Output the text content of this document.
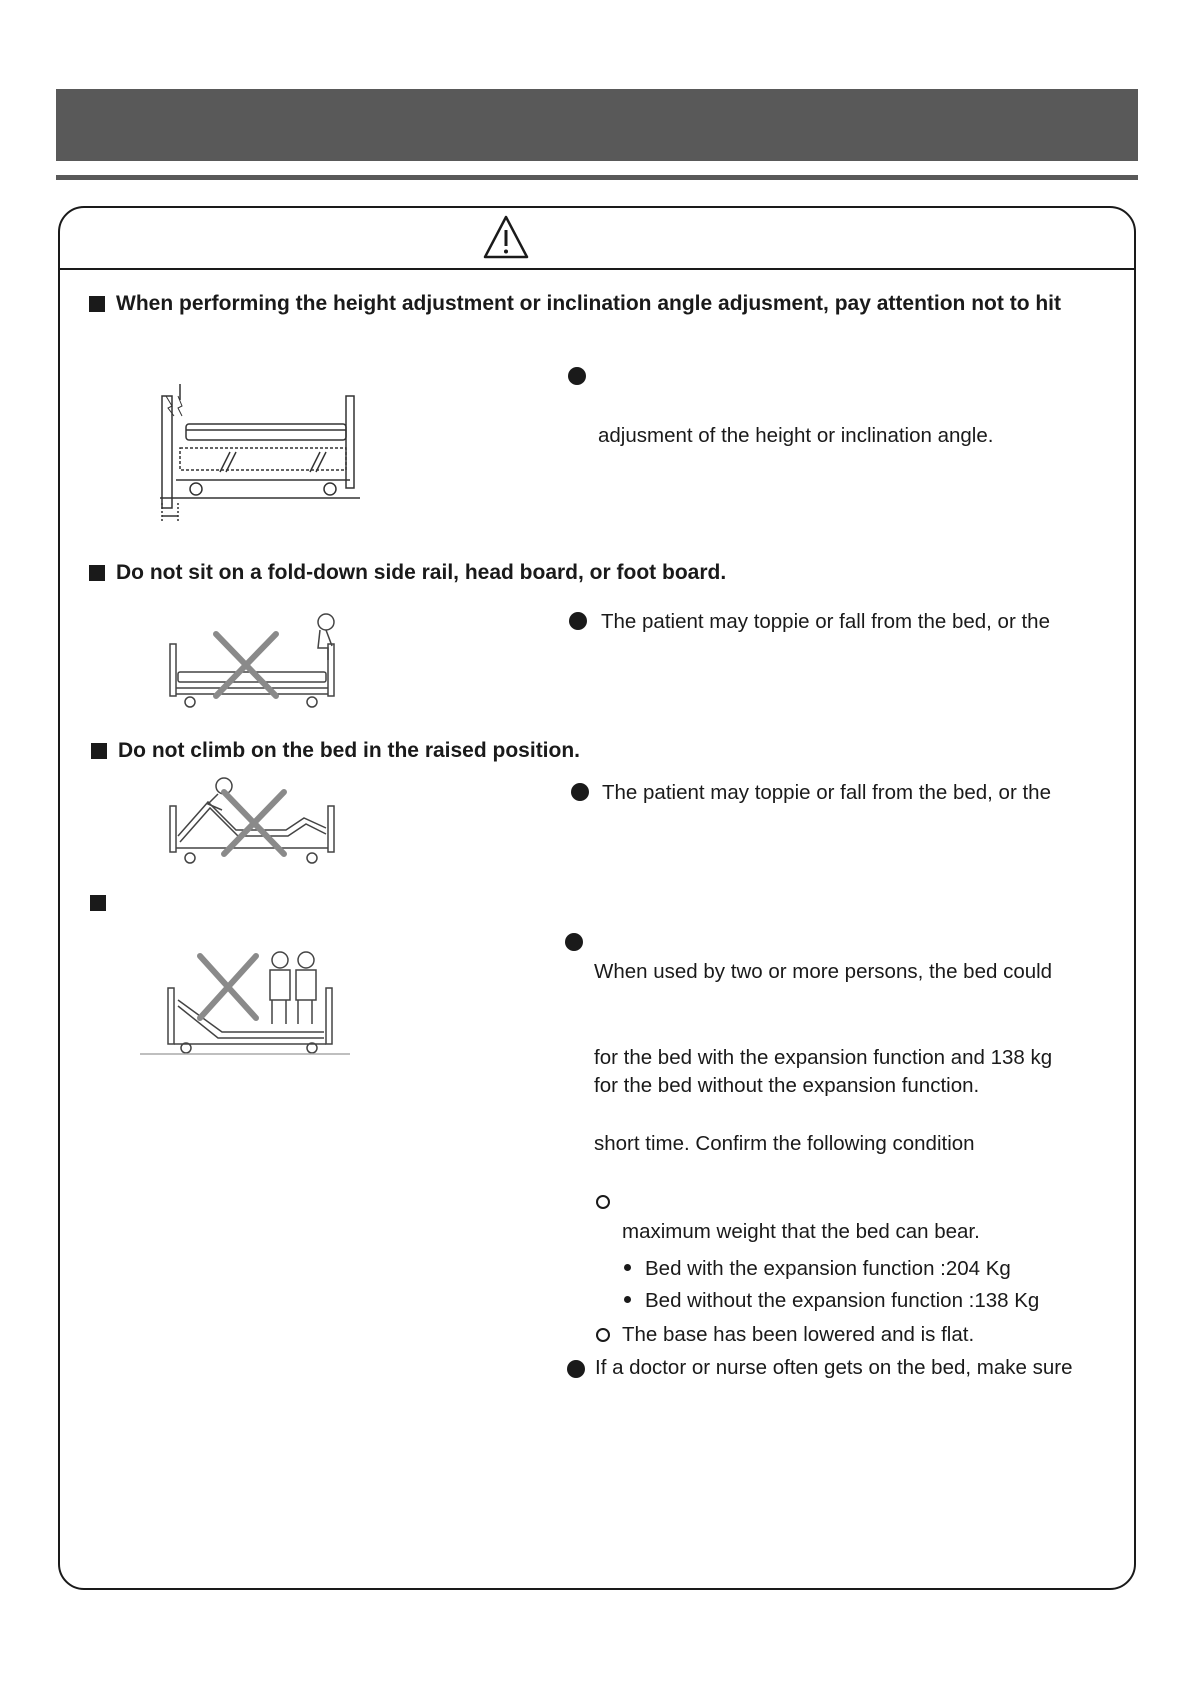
When performing the height adjustment or inclination angle adjusment, pay attention not to hit
adjusment of the height or inclination angle.
Do not sit on a fold-down side rail, head board, or foot board.
The patient may toppie or fall from the bed, or the
Do not climb on the bed in the raised position.
The patient may toppie or fall from the bed, or the
When used by two or more persons, the bed could
for the bed with the expansion function and 138 kg
for the bed without the expansion function.
short time. Confirm the following condition
maximum weight that the bed can bear.
Bed with the expansion function :204 Kg
Bed without the expansion function :138 Kg
The base has been lowered and is flat.
If a doctor or nurse often gets on the bed, make sure
